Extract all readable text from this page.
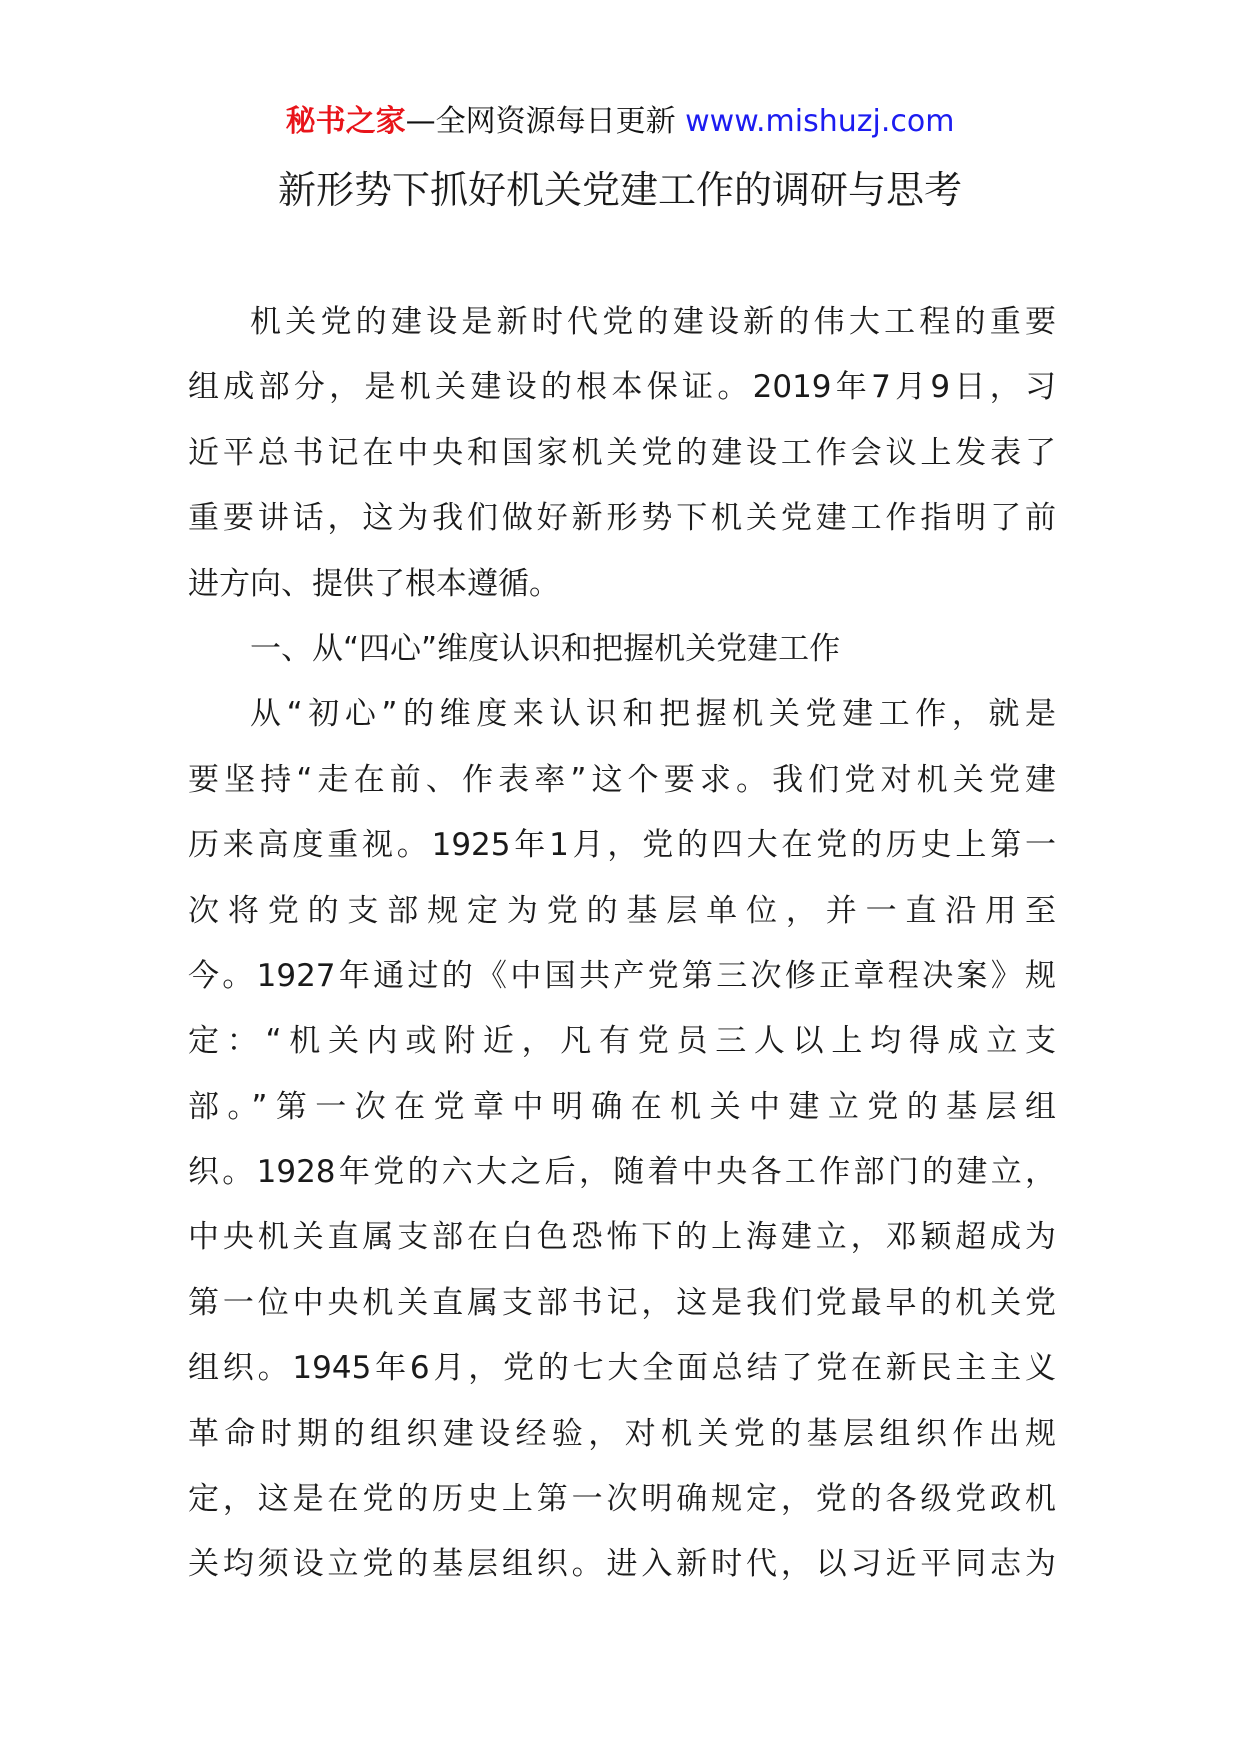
秘书之家—全网资源每日更新 www.mishuzj.com
新形势下抓好机关党建工作的调研与思考
机关党的建设是新时代党的建设新的伟大工程的重要
组成部分，是机关建设的根本保证。2019年7月9日，习
近平总书记在中央和国家机关党的建设工作会议上发表了
重要讲话，这为我们做好新形势下机关党建工作指明了前
进方向、提供了根本遵循。
一、从“四心”维度认识和把握机关党建工作
从“初心”的维度来认识和把握机关党建工作，就是
要坚持“走在前、作表率”这个要求。我们党对机关党建
历来高度重视。1925年1月，党的四大在党的历史上第一
次将党的支部规定为党的基层单位，并一直沿用至
今。1927年通过的《中国共产党第三次修正章程决案》规
定：“机关内或附近，凡有党员三人以上均得成立支
部。”第一次在党章中明确在机关中建立党的基层组
织。1928年党的六大之后，随着中央各工作部门的建立，
中央机关直属支部在白色恐怖下的上海建立，邓颖超成为
第一位中央机关直属支部书记，这是我们党最早的机关党
组织。1945年6月，党的七大全面总结了党在新民主主义
革命时期的组织建设经验，对机关党的基层组织作出规
定，这是在党的历史上第一次明确规定，党的各级党政机
关均须设立党的基层组织。进入新时代，以习近平同志为
